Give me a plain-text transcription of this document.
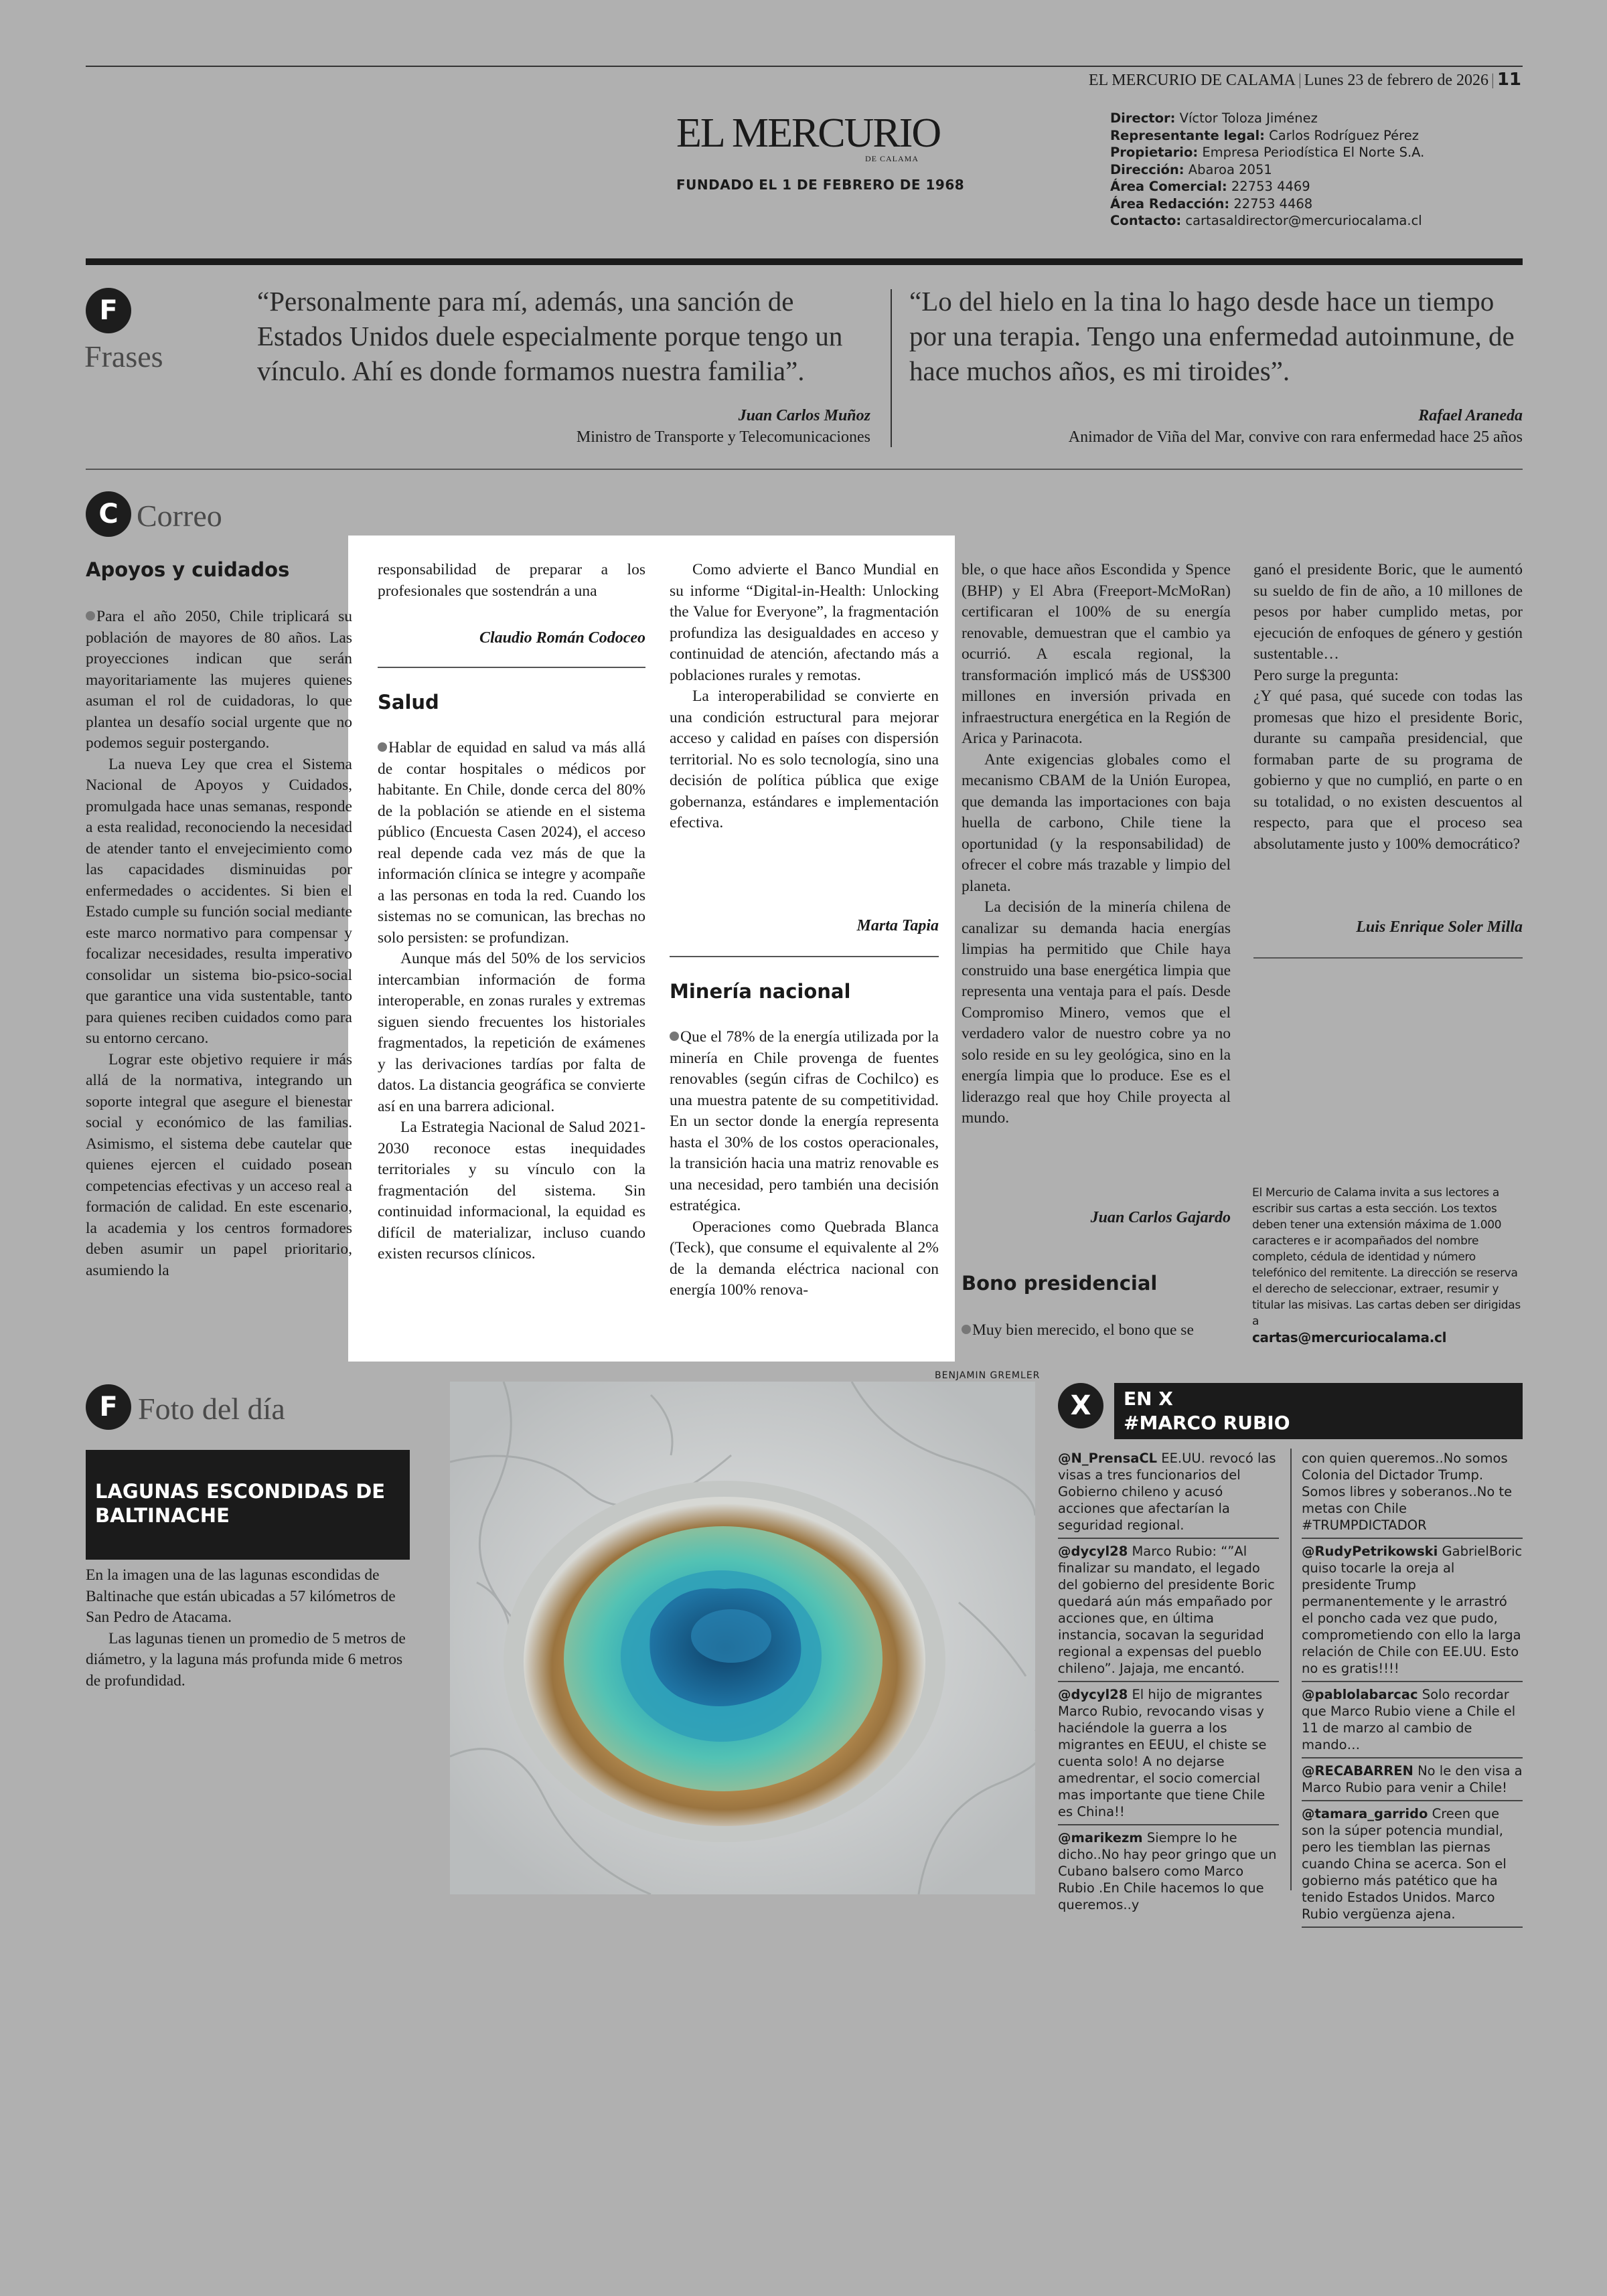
EL MERCURIO DE CALAMA | Lunes 23 de febrero de 2026 | 11
EL MERCURIO
DE CALAMA
FUNDADO EL 1 DE FEBRERO DE 1968
Director: Víctor Toloza Jiménez
Representante legal: Carlos Rodríguez Pérez
Propietario: Empresa Periodística El Norte S.A.
Dirección: Abaroa 2051
Área Comercial: 22753 4469
Área Redacción: 22753 4468
Contacto: cartasaldirector@mercuriocalama.cl
F
Frases
“Personalmente para mí, además, una sanción de Estados Unidos duele especialmente porque tengo un vínculo. Ahí es donde formamos nuestra familia”.
Juan Carlos Muñoz
Ministro de Transporte y Telecomunicaciones
“Lo del hielo en la tina lo hago desde hace un tiempo por una terapia. Tengo una enfermedad autoinmune, de hace muchos años, es mi tiroides”.
Rafael Araneda
Animador de Viña del Mar, convive con rara enfermedad hace 25 años
C Correo
Apoyos y cuidados

Para el año 2050, Chile triplicará su población de mayores de 80 años. Las proyecciones indican que serán mayoritariamente las mujeres quienes asuman el rol de cuidadoras, lo que plantea un desafío social urgente que no podemos seguir postergando.

La nueva Ley que crea el Sistema Nacional de Apoyos y Cuidados, promulgada hace unas semanas, responde a esta realidad, reconociendo la necesidad de atender tanto el envejecimiento como las capacidades disminuidas por enfermedades o accidentes. Si bien el Estado cumple su función social mediante este marco normativo para compensar y focalizar necesidades, resulta imperativo consolidar un sistema bio-psico-social que garantice una vida sustentable, tanto para quienes reciben cuidados como para su entorno cercano.

Lograr este objetivo requiere ir más allá de la normativa, integrando un soporte integral que asegure el bienestar social y económico de las familias. Asimismo, el sistema debe cautelar que quienes ejercen el cuidado posean competencias efectivas y un acceso real a formación de calidad. En este escenario, la academia y los centros formadores deben asumir un papel prioritario, asumiendo la

responsabilidad de preparar a los profesionales que sostendrán a una

Claudio Román Codoceo
Salud

Hablar de equidad en salud va más allá de contar hospitales o médicos por habitante. En Chile, donde cerca del 80% de la población se atiende en el sistema público (Encuesta Casen 2024), el acceso real depende cada vez más de que la información clínica se integre y acompañe a las personas en toda la red. Cuando los sistemas no se comunican, las brechas no solo persisten: se profundizan.

Aunque más del 50% de los servicios intercambian información de forma interoperable, en zonas rurales y extremas siguen siendo frecuentes los historiales fragmentados, la repetición de exámenes y las derivaciones tardías por falta de datos. La distancia geográfica se convierte así en una barrera adicional.

La Estrategia Nacional de Salud 2021-2030 reconoce estas inequidades territoriales y su vínculo con la fragmentación del sistema. Sin continuidad informacional, la equidad es difícil de materializar, incluso cuando existen recursos clínicos.

Como advierte el Banco Mundial en su informe “Digital-in-Health: Unlocking the Value for Everyone”, la fragmentación profundiza las desigualdades en acceso y continuidad de atención, afectando más a poblaciones rurales y remotas.

La interoperabilidad se convierte en una condición estructural para mejorar acceso y calidad en países con dispersión territorial. No es solo tecnología, sino una decisión de política pública que exige gobernanza, estándares e implementación efectiva.

Marta Tapia
Minería nacional

Que el 78% de la energía utilizada por la minería en Chile provenga de fuentes renovables (según cifras de Cochilco) es una muestra patente de su competitividad. En un sector donde la energía representa hasta el 30% de los costos operacionales, la transición hacia una matriz renovable es una necesidad, pero también una decisión estratégica.

Operaciones como Quebrada Blanca (Teck), que consume el equivalente al 2% de la demanda eléctrica nacional con energía 100% renova-

ble, o que hace años Escondida y Spence (BHP) y El Abra (Freeport-McMoRan) certificaran el 100% de su energía renovable, demuestran que el cambio ya ocurrió. A escala regional, la transformación implicó más de US$300 millones en inversión privada en infraestructura energética en la Región de Arica y Parinacota.

Ante exigencias globales como el mecanismo CBAM de la Unión Europea, que demanda las importaciones con baja huella de carbono, Chile tiene la oportunidad (y la responsabilidad) de ofrecer el cobre más trazable y limpio del planeta.

La decisión de la minería chilena de canalizar su demanda hacia energías limpias ha permitido que Chile haya construido una base energética limpia que representa una ventaja para el país. Desde Compromiso Minero, vemos que el verdadero valor de nuestro cobre ya no solo reside en su ley geológica, sino en la energía limpia que lo produce. Ese es el liderazgo real que hoy Chile proyecta al mundo.

Juan Carlos Gajardo
Bono presidencial

Muy bien merecido, el bono que se

ganó el presidente Boric, que le aumentó su sueldo de fin de año, a 10 millones de pesos por haber cumplido metas, por ejecución de enfoques de género y gestión sustentable…

Pero surge la pregunta:

¿Y qué pasa, qué sucede con todas las promesas que hizo el presidente Boric, durante su campaña presidencial, que formaban parte de su programa de gobierno y que no cumplió, en parte o en su totalidad, o no existen descuentos al respecto, para que el proceso sea absolutamente justo y 100% democrático?

Luis Enrique Soler Milla
El Mercurio de Calama invita a sus lectores a escribir sus cartas a esta sección. Los textos deben tener una extensión máxima de 1.000 caracteres e ir acompañados del nombre completo, cédula de identidad y número telefónico del remitente. La dirección se reserva el derecho de seleccionar, extraer, resumir y titular las misivas. Las cartas deben ser dirigidas a
cartas@mercuriocalama.cl
F Foto del día
LAGUNAS ESCONDIDAS DE BALTINACHE

En la imagen una de las lagunas escondidas de Baltinache que están ubicadas a 57 kilómetros de San Pedro de Atacama.

Las lagunas tienen un promedio de 5 metros de diámetro, y la laguna más profunda mide 6 metros de profundidad.

BENJAMIN GREMLER
X	EN X
#MARCO RUBIO
@N_PrensaCL EE.UU. revocó las visas a tres funcionarios del Gobierno chileno y acusó acciones que afectarían la seguridad regional.
@dycyl28 Marco Rubio: “”Al finalizar su mandato, el legado del gobierno del presidente Boric quedará aún más empañado por acciones que, en última instancia, socavan la seguridad regional a expensas del pueblo chileno”. Jajaja, me encantó.
@dycyl28 El hijo de migrantes Marco Rubio, revocando visas y haciéndole la guerra a los migrantes en EEUU, el chiste se cuenta solo! A no dejarse amedrentar, el socio comercial mas importante que tiene Chile es China!!
@marikezm Siempre lo he dicho..No hay peor gringo que un Cubano balsero como Marco Rubio .En Chile hacemos lo que queremos..y
con quien queremos..No somos Colonia del Dictador Trump. Somos libres y soberanos..No te metas con Chile #TRUMPDICTADOR
@RudyPetrikowski GabrielBoric quiso tocarle la oreja al presidente Trump permanentemente y le arrastró el poncho cada vez que pudo, comprometiendo con ello la larga relación de Chile con EE.UU. Esto no es gratis!!!!
@pablolabarcac Solo recordar que Marco Rubio viene a Chile el 11 de marzo al cambio de mando…
@RECABARREN No le den visa a Marco Rubio para venir a Chile!
@tamara_garrido Creen que son la súper potencia mundial, pero les tiemblan las piernas cuando China se acerca. Son el gobierno más patético que ha tenido Estados Unidos. Marco Rubio vergüenza ajena.
